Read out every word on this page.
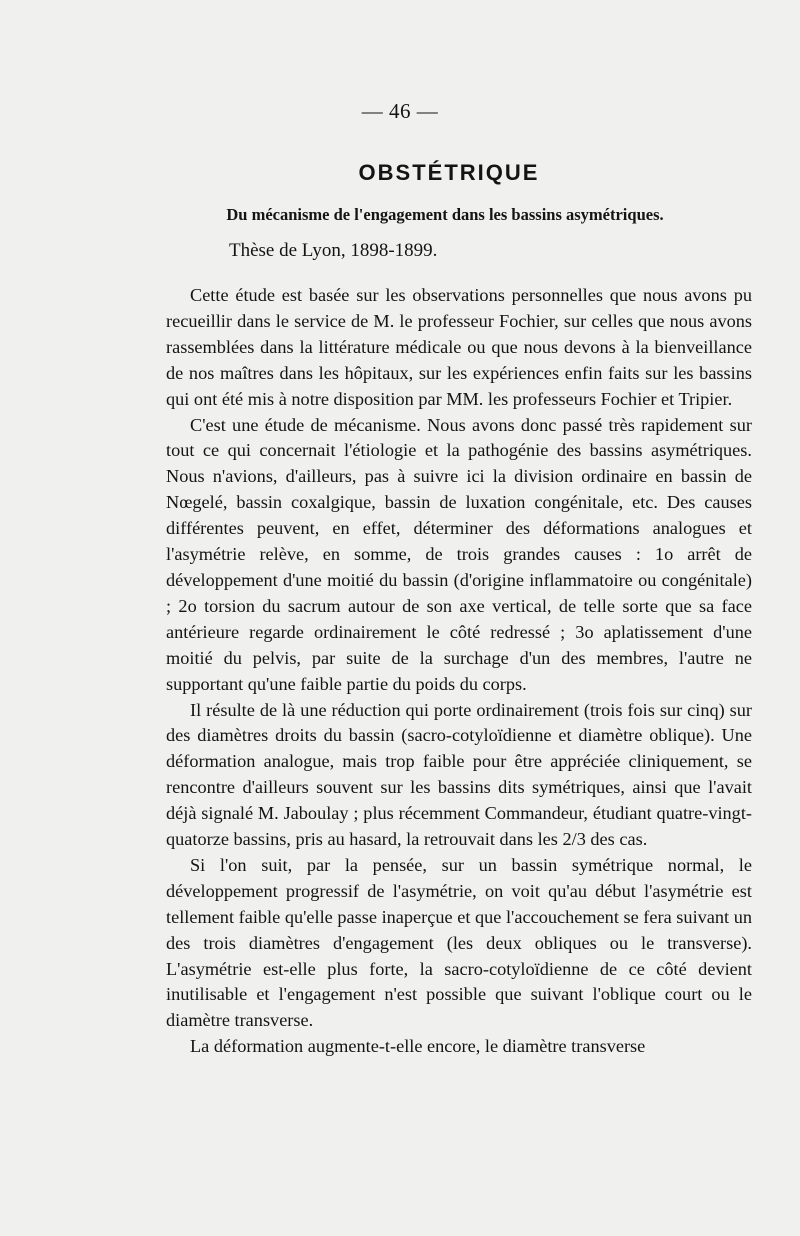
— 46 —
OBSTÉTRIQUE
Du mécanisme de l'engagement dans les bassins asymétriques.
Thèse de Lyon, 1898-1899.

Cette étude est basée sur les observations personnelles que nous avons pu recueillir dans le service de M. le professeur Fochier, sur celles que nous avons rassemblées dans la littérature médicale ou que nous devons à la bienveillance de nos maîtres dans les hôpitaux, sur les expériences enfin faits sur les bassins qui ont été mis à notre disposition par MM. les professeurs Fochier et Tripier.

C'est une étude de mécanisme. Nous avons donc passé très rapidement sur tout ce qui concernait l'étiologie et la pathogénie des bassins asymétriques. Nous n'avions, d'ailleurs, pas à suivre ici la division ordinaire en bassin de Nœgelé, bassin coxalgique, bassin de luxation congénitale, etc. Des causes différentes peuvent, en effet, déterminer des déformations analogues et l'asymétrie relève, en somme, de trois grandes causes : 1o arrêt de développement d'une moitié du bassin (d'origine inflammatoire ou congénitale) ; 2o torsion du sacrum autour de son axe vertical, de telle sorte que sa face antérieure regarde ordinairement le côté redressé ; 3o aplatissement d'une moitié du pelvis, par suite de la surchage d'un des membres, l'autre ne supportant qu'une faible partie du poids du corps.

Il résulte de là une réduction qui porte ordinairement (trois fois sur cinq) sur des diamètres droits du bassin (sacro-cotyloïdienne et diamètre oblique). Une déformation analogue, mais trop faible pour être appréciée cliniquement, se rencontre d'ailleurs souvent sur les bassins dits symétriques, ainsi que l'avait déjà signalé M. Jaboulay ; plus récemment Commandeur, étudiant quatre-vingt-quatorze bassins, pris au hasard, la retrouvait dans les 2/3 des cas.

Si l'on suit, par la pensée, sur un bassin symétrique normal, le développement progressif de l'asymétrie, on voit qu'au début l'asymétrie est tellement faible qu'elle passe inaperçue et que l'accouchement se fera suivant un des trois diamètres d'engagement (les deux obliques ou le transverse). L'asymétrie est-elle plus forte, la sacro-cotyloïdienne de ce côté devient inutilisable et l'engagement n'est possible que suivant l'oblique court ou le diamètre transverse.

La déformation augmente-t-elle encore, le diamètre transverse
